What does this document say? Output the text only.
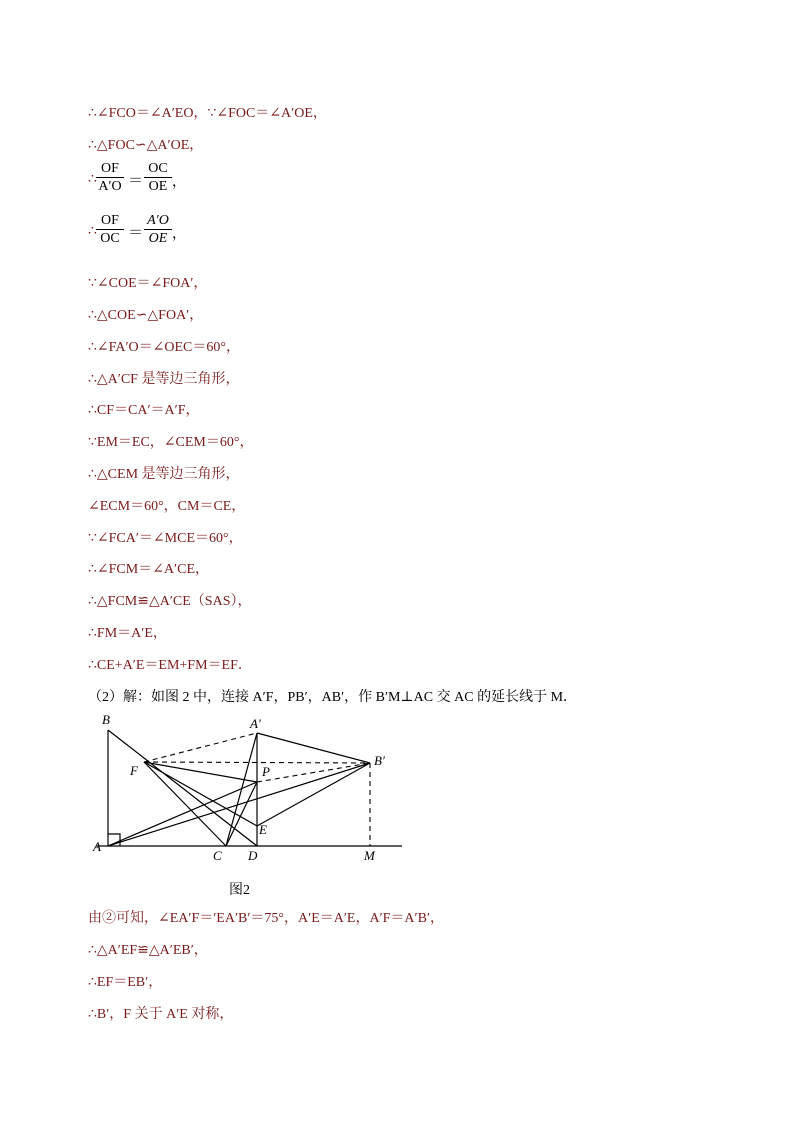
∴∠FCO＝∠A′EO，∵∠FOC＝∠A′OE，
∴△FOC∽△A′OE，
∴ $\frac{OF}{A'O} = \frac{OC}{OE}$ ，
∴ $\frac{OF}{OC} = \frac{A'O}{OE}$ ，
∵∠COE＝∠FOA′，
∴△COE∽△FOA′，
∴∠FA′O＝∠OEC＝60°，
∴△A′CF 是等边三角形，
∴CF＝CA′＝A′F，
∵EM＝EC，∠CEM＝60°，
∴△CEM 是等边三角形，
∠ECM＝60°，CM＝CE，
∵∠FCA′＝∠MCE＝60°，
∴∠FCM＝∠A′CE，
∴△FCM≌△A′CE（SAS），
∴FM＝A′E，
∴CE+A′E＝EM+FM＝EF．
（2）解：如图 2 中，连接 A′F，PB′，AB′，作 B′M⊥AC 交 AC 的延长线于 M．
B	A′
F	P
B′
E
A
C D	M
图2
由②可知，∠EA′F＝′EA′B′＝75°，A′E＝A′E，A′F＝A′B′，
∴△A′EF≌△A′EB′，
∴EF＝EB′，
∴B′，F 关于 A′E 对称，
